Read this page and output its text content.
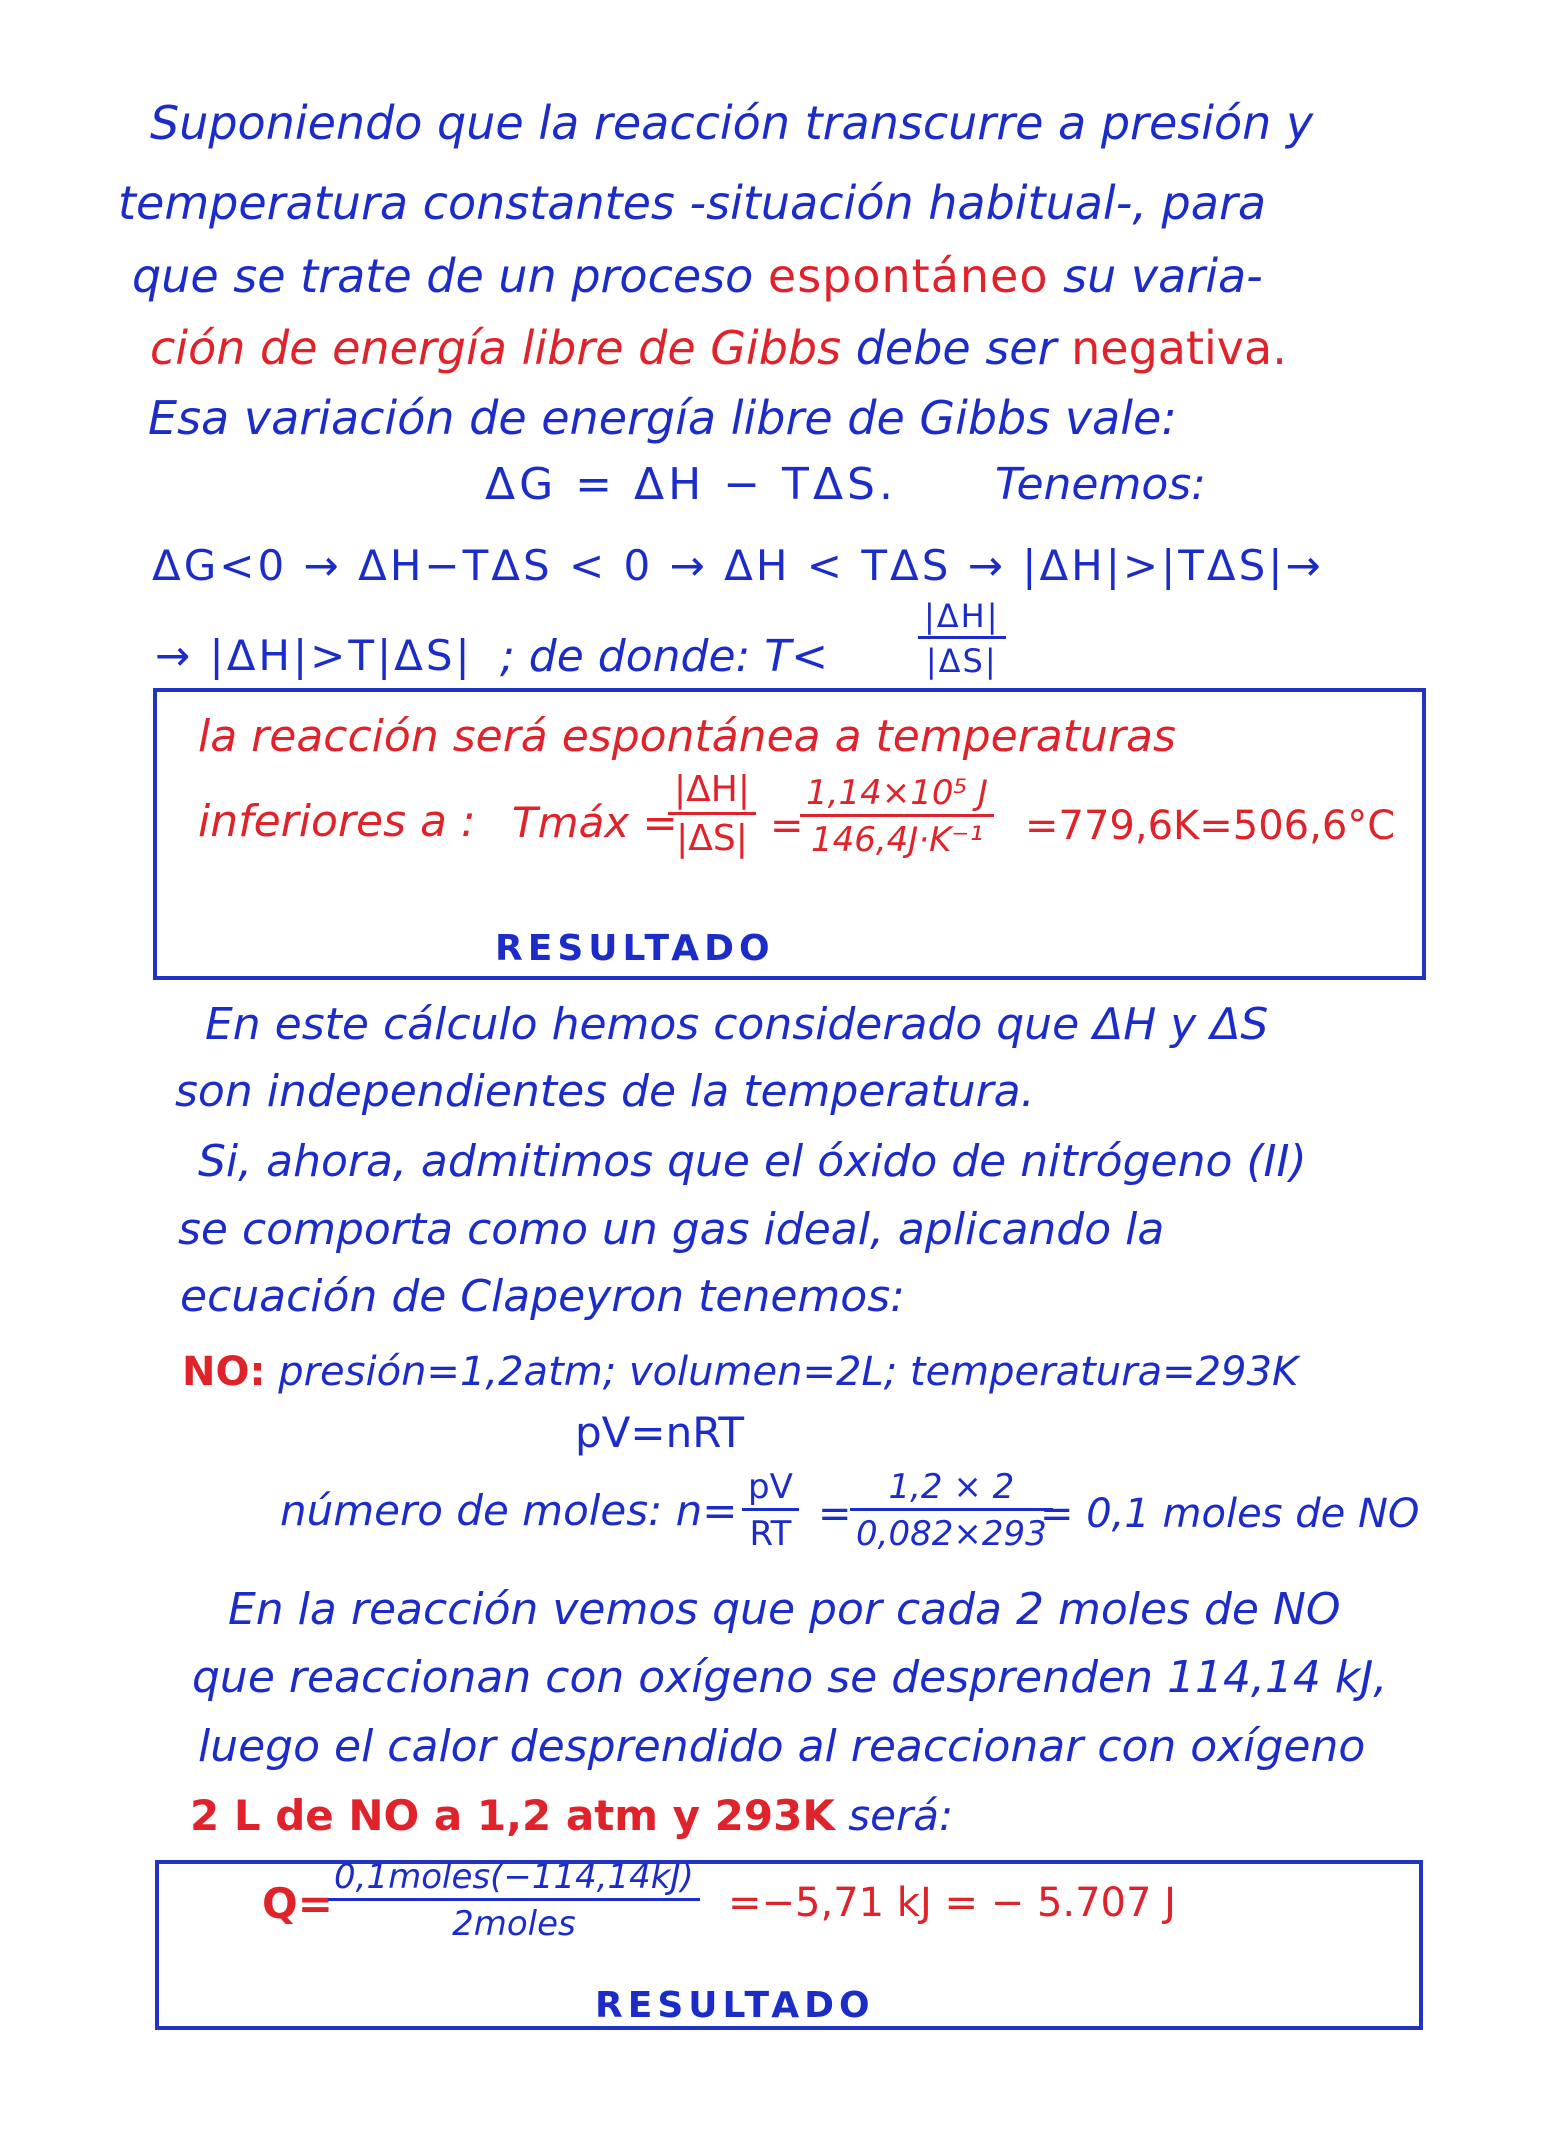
Suponiendo que la reacción transcurre a presión y
temperatura constantes -situación habitual-, para
que se trate de un proceso espontáneo su varia-
ción de energía libre de Gibbs debe ser negativa.
Esa variación de energía libre de Gibbs vale:
ΔG = ΔH − TΔS. Tenemos:
ΔG<0 → ΔH−TΔS < 0 → ΔH < TΔS → |ΔH|>|TΔS|→
→ |ΔH|>T|ΔS| ; de donde: T<
|ΔH|
|ΔS|
la reacción será espontánea a temperaturas
inferiores a : Tmáx =
|ΔH|
|ΔS| =
1,14×10⁵ J
146,4J·K⁻¹ =779,6K=506,6°C
RESULTADO
En este cálculo hemos considerado que ΔH y ΔS
son independientes de la temperatura.
Si, ahora, admitimos que el óxido de nitrógeno (II)
se comporta como un gas ideal, aplicando la
ecuación de Clapeyron tenemos:
NO: presión=1,2atm; volumen=2L; temperatura=293K
pV=nRT
número de moles: n= pV
RT =
1,2 × 2
0,082×293
= 0,1 moles de NO
En la reacción vemos que por cada 2 moles de NO
que reaccionan con oxígeno se desprenden 114,14 kJ,
luego el calor desprendido al reaccionar con oxígeno
2 L de NO a 1,2 atm y 293K será:
Q=
0,1moles(−114,14kJ)
2moles	=−5,71 kJ = − 5.707 J
RESULTADO
